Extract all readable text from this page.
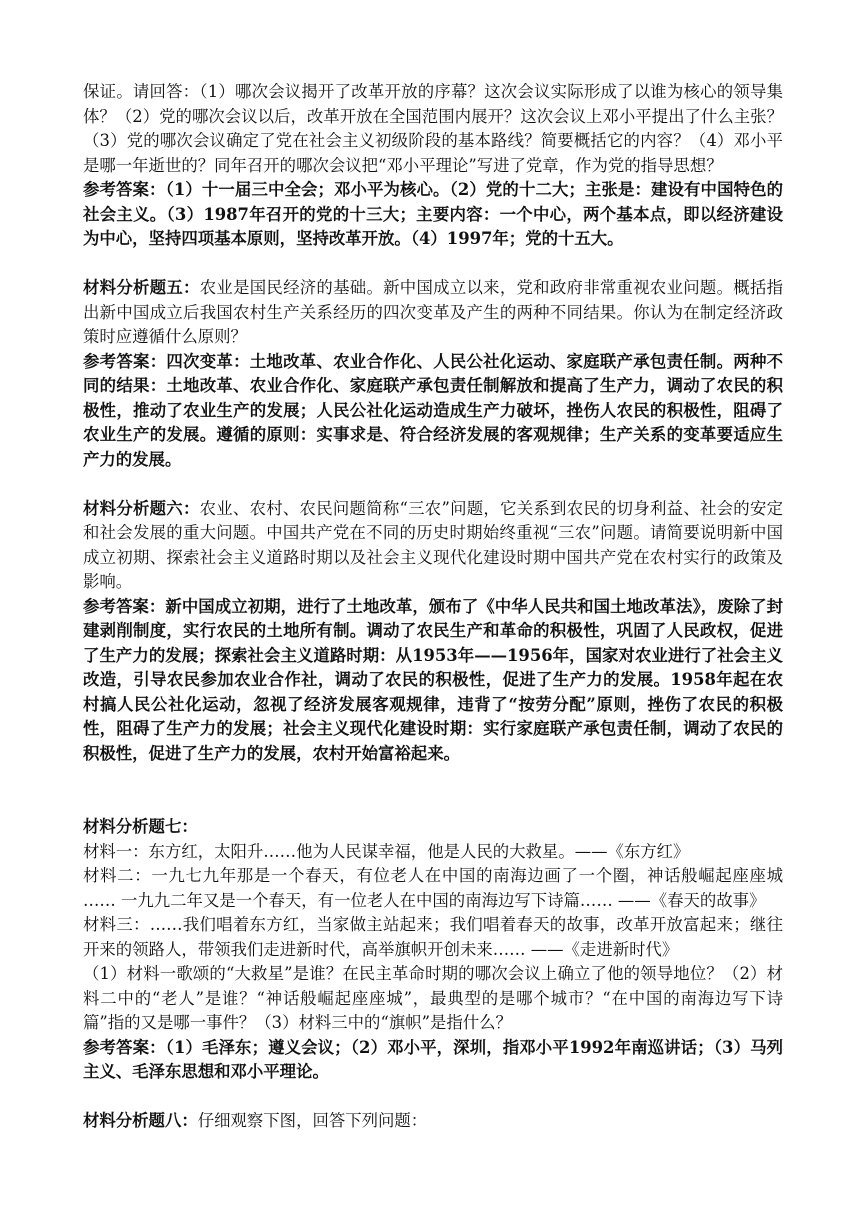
保证。请回答：（1）哪次会议揭开了改革开放的序幕？这次会议实际形成了以谁为核心的领导集体？（2）党的哪次会议以后，改革开放在全国范围内展开？这次会议上邓小平提出了什么主张？（3）党的哪次会议确定了党在社会主义初级阶段的基本路线？简要概括它的内容？（4）邓小平是哪一年逝世的？同年召开的哪次会议把“邓小平理论”写进了党章，作为党的指导思想？

参考答案：（1）十一届三中全会；邓小平为核心。（2）党的十二大；主张是：建设有中国特色的社会主义。（3）1987年召开的党的十三大；主要内容：一个中心，两个基本点，即以经济建设为中心，坚持四项基本原则，坚持改革开放。（4）1997年；党的十五大。

材料分析题五：农业是国民经济的基础。新中国成立以来，党和政府非常重视农业问题。概括指出新中国成立后我国农村生产关系经历的四次变革及产生的两种不同结果。你认为在制定经济政策时应遵循什么原则？

参考答案：四次变革：土地改革、农业合作化、人民公社化运动、家庭联产承包责任制。两种不同的结果：土地改革、农业合作化、家庭联产承包责任制解放和提高了生产力，调动了农民的积极性，推动了农业生产的发展；人民公社化运动造成生产力破坏，挫伤人农民的积极性，阻碍了农业生产的发展。遵循的原则：实事求是、符合经济发展的客观规律；生产关系的变革要适应生产力的发展。

材料分析题六：农业、农村、农民问题简称“三农”问题，它关系到农民的切身利益、社会的安定和社会发展的重大问题。中国共产党在不同的历史时期始终重视“三农”问题。请简要说明新中国成立初期、探索社会主义道路时期以及社会主义现代化建设时期中国共产党在农村实行的政策及影响。

参考答案：新中国成立初期，进行了土地改革，颁布了《中华人民共和国土地改革法》，废除了封建剥削制度，实行农民的土地所有制。调动了农民生产和革命的积极性，巩固了人民政权，促进了生产力的发展；探索社会主义道路时期：从1953年——1956年，国家对农业进行了社会主义改造，引导农民参加农业合作社，调动了农民的积极性，促进了生产力的发展。1958年起在农村搞人民公社化运动，忽视了经济发展客观规律，违背了“按劳分配”原则，挫伤了农民的积极性，阻碍了生产力的发展；社会主义现代化建设时期：实行家庭联产承包责任制，调动了农民的积极性，促进了生产力的发展，农村开始富裕起来。

材料分析题七：

材料一：东方红，太阳升……他为人民谋幸福，他是人民的大救星。——《东方红》

材料二：一九七九年那是一个春天，有位老人在中国的南海边画了一个圈，神话般崛起座座城 …… 一九九二年又是一个春天，有一位老人在中国的南海边写下诗篇…… ——《春天的故事》

材料三：……我们唱着东方红，当家做主站起来；我们唱着春天的故事，改革开放富起来；继往开来的领路人，带领我们走进新时代，高举旗帜开创未来…… ——《走进新时代》

（1）材料一歌颂的“大救星”是谁？在民主革命时期的哪次会议上确立了他的领导地位？（2）材料二中的“老人”是谁？“神话般崛起座座城”，最典型的是哪个城市？“在中国的南海边写下诗篇”指的又是哪一事件？（3）材料三中的“旗帜”是指什么？

参考答案：（1）毛泽东；遵义会议；（2）邓小平，深圳，指邓小平1992年南巡讲话；（3）马列主义、毛泽东思想和邓小平理论。

材料分析题八：仔细观察下图，回答下列问题：
